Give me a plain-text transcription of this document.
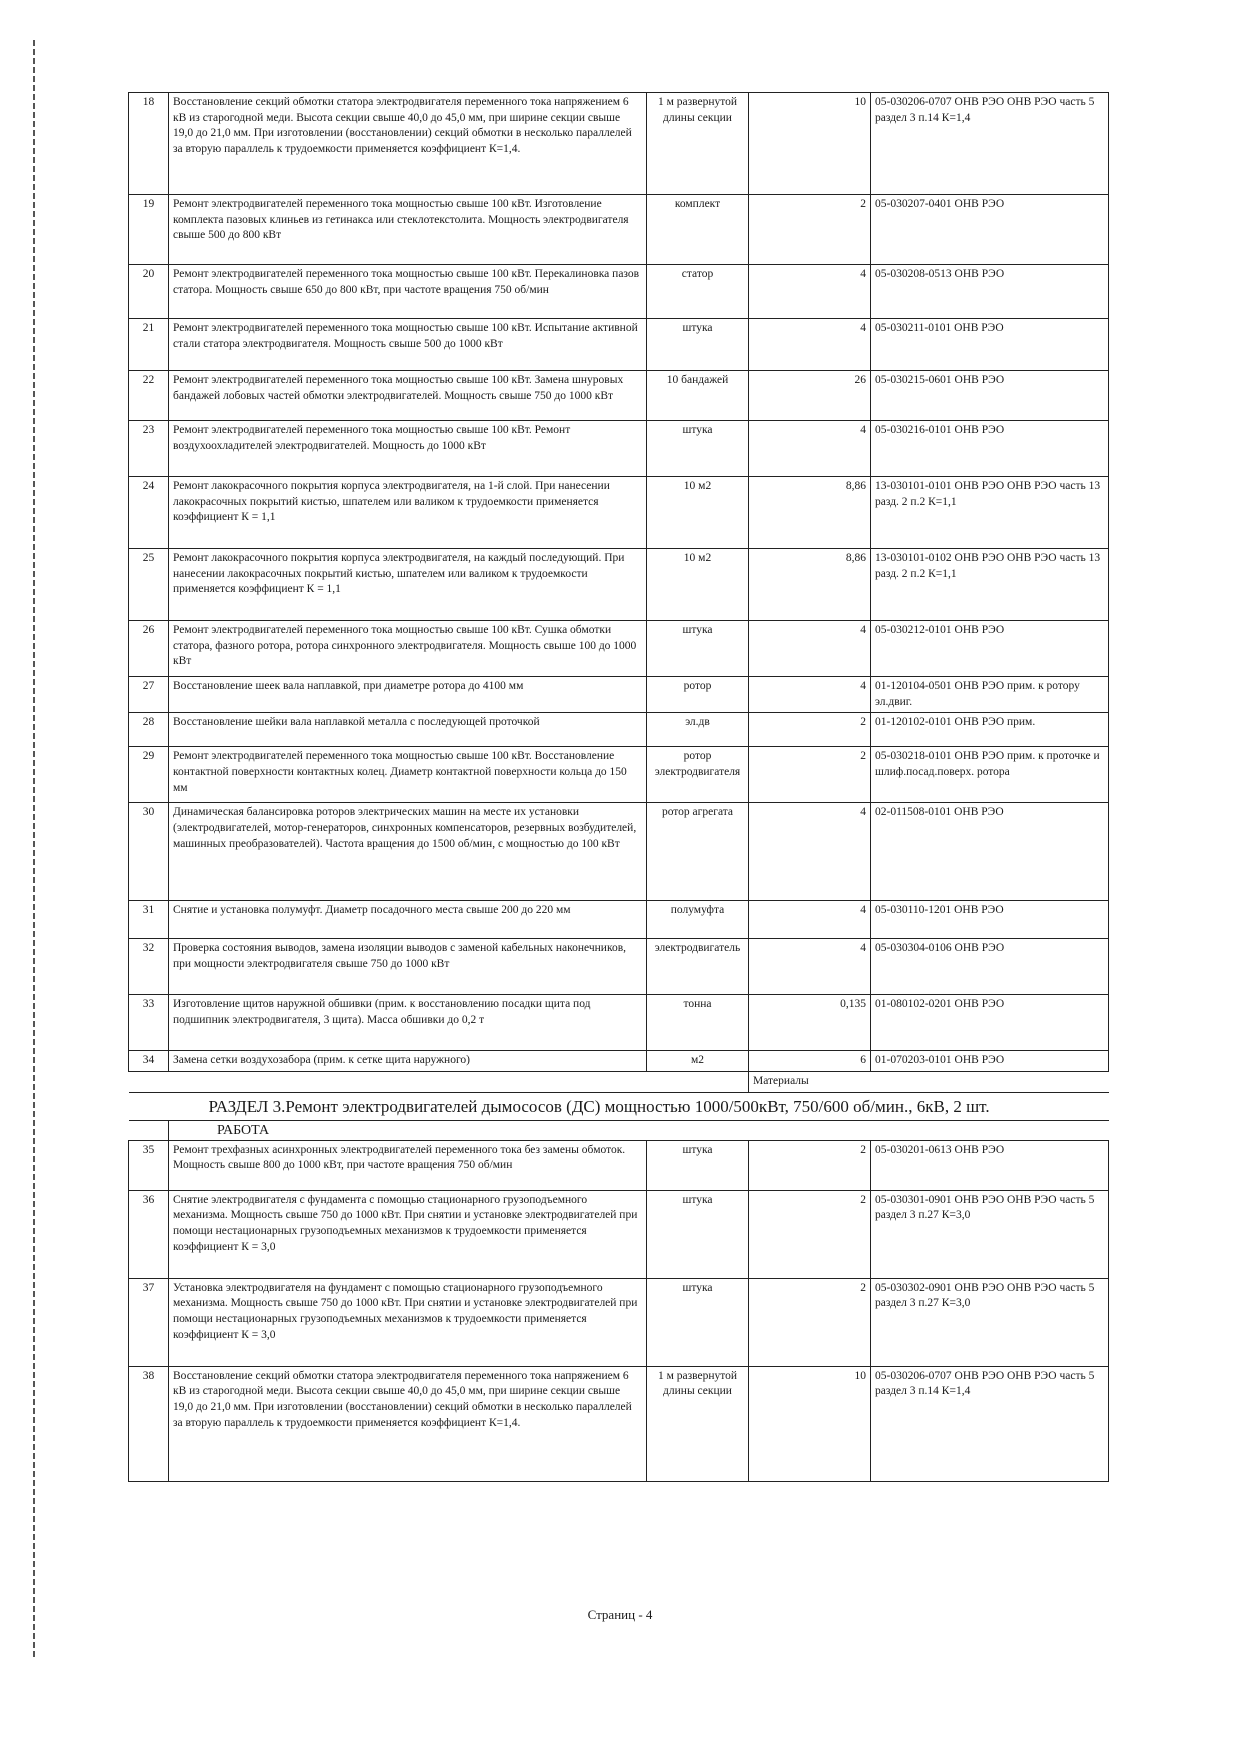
18	Восстановление секций обмотки статора электродвигателя переменного тока напряжением 6 кВ из старогодной меди. Высота секции свыше 40,0 до 45,0 мм, при ширине секции свыше 19,0 до 21,0 мм. При изготовлении (восстановлении) секций обмотки в несколько параллелей за вторую параллель к трудоемкости применяется коэффициент К=1,4.	1 м развернутой длины секции	10	05-030206-0707 ОНВ РЭО ОНВ РЭО часть 5 раздел 3 п.14 К=1,4
19	Ремонт электродвигателей переменного тока мощностью свыше 100 кВт. Изготовление комплекта пазовых клиньев из гетинакса или стеклотекстолита. Мощность электродвигателя свыше 500 до 800 кВт	комплект	2	05-030207-0401 ОНВ РЭО
20	Ремонт электродвигателей переменного тока мощностью свыше 100 кВт. Перекалиновка пазов статора. Мощность свыше 650 до 800 кВт, при частоте вращения 750 об/мин	статор	4	05-030208-0513 ОНВ РЭО
21	Ремонт электродвигателей переменного тока мощностью свыше 100 кВт. Испытание активной стали статора электродвигателя. Мощность свыше 500 до 1000 кВт	штука	4	05-030211-0101 ОНВ РЭО
22	Ремонт электродвигателей переменного тока мощностью свыше 100 кВт. Замена шнуровых бандажей лобовых частей обмотки электродвигателей. Мощность свыше 750 до 1000 кВт	10 бандажей	26	05-030215-0601 ОНВ РЭО
23	Ремонт электродвигателей переменного тока мощностью свыше 100 кВт. Ремонт воздухоохладителей электродвигателей. Мощность до 1000 кВт	штука	4	05-030216-0101 ОНВ РЭО
24	Ремонт лакокрасочного покрытия корпуса электродвигателя, на 1-й слой. При нанесении лакокрасочных покрытий кистью, шпателем или валиком к трудоемкости применяется коэффициент К = 1,1	10 м2	8,86	13-030101-0101 ОНВ РЭО ОНВ РЭО часть 13 разд. 2 п.2 К=1,1
25	Ремонт лакокрасочного покрытия корпуса электродвигателя, на каждый последующий. При нанесении лакокрасочных покрытий кистью, шпателем или валиком к трудоемкости применяется коэффициент К = 1,1	10 м2	8,86	13-030101-0102 ОНВ РЭО ОНВ РЭО часть 13 разд. 2 п.2 К=1,1
26	Ремонт электродвигателей переменного тока мощностью свыше 100 кВт. Сушка обмотки статора, фазного ротора, ротора синхронного электродвигателя. Мощность свыше 100 до 1000 кВт	штука	4	05-030212-0101 ОНВ РЭО
27	Восстановление шеек вала наплавкой, при диаметре ротора до 4100 мм	ротор	4	01-120104-0501 ОНВ РЭО прим. к ротору эл.двиг.
28	Восстановление шейки вала наплавкой металла с последующей проточкой	эл.дв	2	01-120102-0101 ОНВ РЭО прим.
29	Ремонт электродвигателей переменного тока мощностью свыше 100 кВт. Восстановление контактной поверхности контактных колец. Диаметр контактной поверхности кольца до 150 мм	ротор электродвигателя	2	05-030218-0101 ОНВ РЭО прим. к проточке и шлиф.посад.поверх. ротора
30	Динамическая балансировка роторов электрических машин на месте их установки (электродвигателей, мотор-генераторов, синхронных компенсаторов, резервных возбудителей, машинных преобразователей). Частота вращения до 1500 об/мин, с мощностью до 100 кВт	ротор агрегата	4	02-011508-0101 ОНВ РЭО
31	Снятие и установка полумуфт. Диаметр посадочного места свыше 200 до 220 мм	полумуфта	4	05-030110-1201 ОНВ РЭО
32	Проверка состояния выводов, замена изоляции выводов с заменой кабельных наконечников, при мощности электродвигателя свыше 750 до 1000 кВт	электродвигатель	4	05-030304-0106 ОНВ РЭО
33	Изготовление щитов наружной обшивки (прим. к восстановлению посадки щита под подшипник электродвигателя, 3 щита). Масса обшивки до 0,2 т	тонна	0,135	01-080102-0201 ОНВ РЭО
34	Замена сетки воздухозабора (прим. к сетке щита наружного)	м2	6	01-070203-0101 ОНВ РЭО
			Материалы	
РАЗДЕЛ 3.Ремонт электродвигателей дымососов (ДС) мощностью 1000/500кВт, 750/600 об/мин., 6кВ, 2 шт.				
	РАБОТА			
35	Ремонт трехфазных асинхронных электродвигателей переменного тока без замены обмоток. Мощность свыше 800 до 1000 кВт, при частоте вращения 750 об/мин	штука	2	05-030201-0613 ОНВ РЭО
36	Снятие электродвигателя с фундамента с помощью стационарного грузоподъемного механизма. Мощность свыше 750 до 1000 кВт. При снятии и установке электродвигателей при помощи нестационарных грузоподъемных механизмов к трудоемкости применяется коэффициент К = 3,0	штука	2	05-030301-0901 ОНВ РЭО ОНВ РЭО часть 5 раздел 3 п.27 К=3,0
37	Установка электродвигателя на фундамент с помощью стационарного грузоподъемного механизма. Мощность свыше 750 до 1000 кВт. При снятии и установке электродвигателей при помощи нестационарных грузоподъемных механизмов к трудоемкости применяется коэффициент К = 3,0	штука	2	05-030302-0901 ОНВ РЭО ОНВ РЭО часть 5 раздел 3 п.27 К=3,0
38	Восстановление секций обмотки статора электродвигателя переменного тока напряжением 6 кВ из старогодной меди. Высота секции свыше 40,0 до 45,0 мм, при ширине секции свыше 19,0 до 21,0 мм. При изготовлении (восстановлении) секций обмотки в несколько параллелей за вторую параллель к трудоемкости применяется коэффициент К=1,4.	1 м развернутой длины секции	10	05-030206-0707 ОНВ РЭО ОНВ РЭО часть 5 раздел 3 п.14 К=1,4
Страниц - 4
